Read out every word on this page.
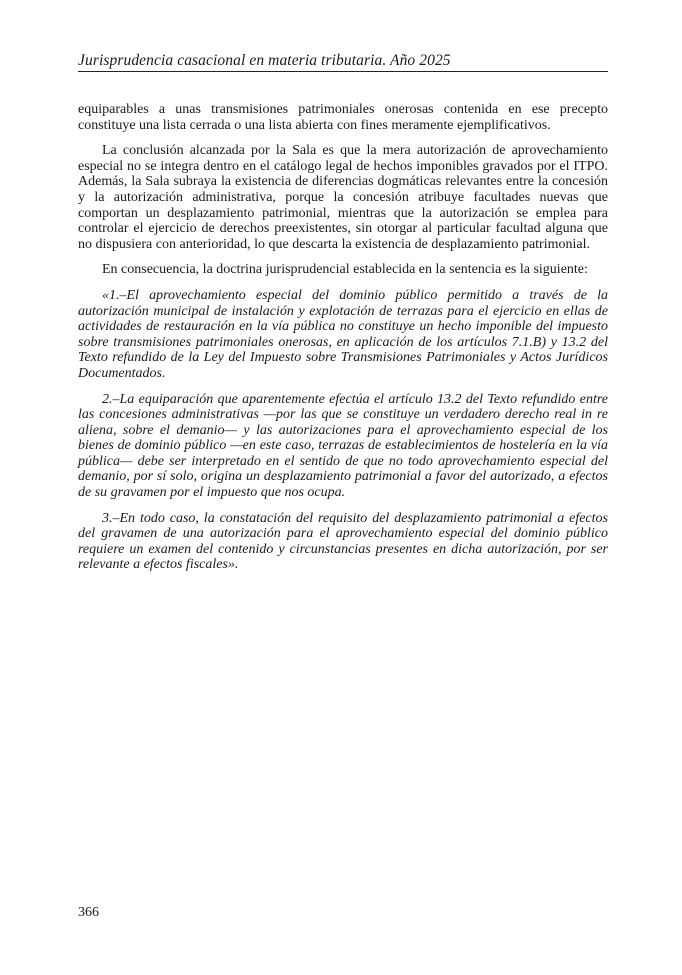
Jurisprudencia casacional en materia tributaria. Año 2025

equiparables a unas transmisiones patrimoniales onerosas contenida en ese precepto constituye una lista cerrada o una lista abierta con fines meramente ejemplificativos.

La conclusión alcanzada por la Sala es que la mera autorización de aprovechamiento especial no se integra dentro en el catálogo legal de hechos imponibles gravados por el ITPO. Además, la Sala subraya la existencia de diferencias dogmáticas relevantes entre la concesión y la autorización administrativa, porque la concesión atribuye facultades nuevas que comportan un desplazamiento patrimonial, mientras que la autorización se emplea para controlar el ejercicio de derechos preexistentes, sin otorgar al particular facultad alguna que no dispusiera con anterioridad, lo que descarta la existencia de desplazamiento patrimonial.

En consecuencia, la doctrina jurisprudencial establecida en la sentencia es la siguiente:

«1.–El aprovechamiento especial del dominio público permitido a través de la autorización municipal de instalación y explotación de terrazas para el ejercicio en ellas de actividades de restauración en la vía pública no constituye un hecho imponible del impuesto sobre transmisiones patrimoniales onerosas, en aplicación de los artículos 7.1.B) y 13.2 del Texto refundido de la Ley del Impuesto sobre Transmisiones Patrimoniales y Actos Jurídicos Documentados.

2.–La equiparación que aparentemente efectúa el artículo 13.2 del Texto refundido entre las concesiones administrativas —por las que se constituye un verdadero derecho real in re aliena, sobre el demanio— y las autorizaciones para el aprovechamiento especial de los bienes de dominio público —en este caso, terrazas de establecimientos de hostelería en la vía pública— debe ser interpretado en el sentido de que no todo aprovechamiento especial del demanio, por sí solo, origina un desplazamiento patrimonial a favor del autorizado, a efectos de su gravamen por el impuesto que nos ocupa.

3.–En todo caso, la constatación del requisito del desplazamiento patrimonial a efectos del gravamen de una autorización para el aprovechamiento especial del dominio público requiere un examen del contenido y circunstancias presentes en dicha autorización, por ser relevante a efectos fiscales».

366
